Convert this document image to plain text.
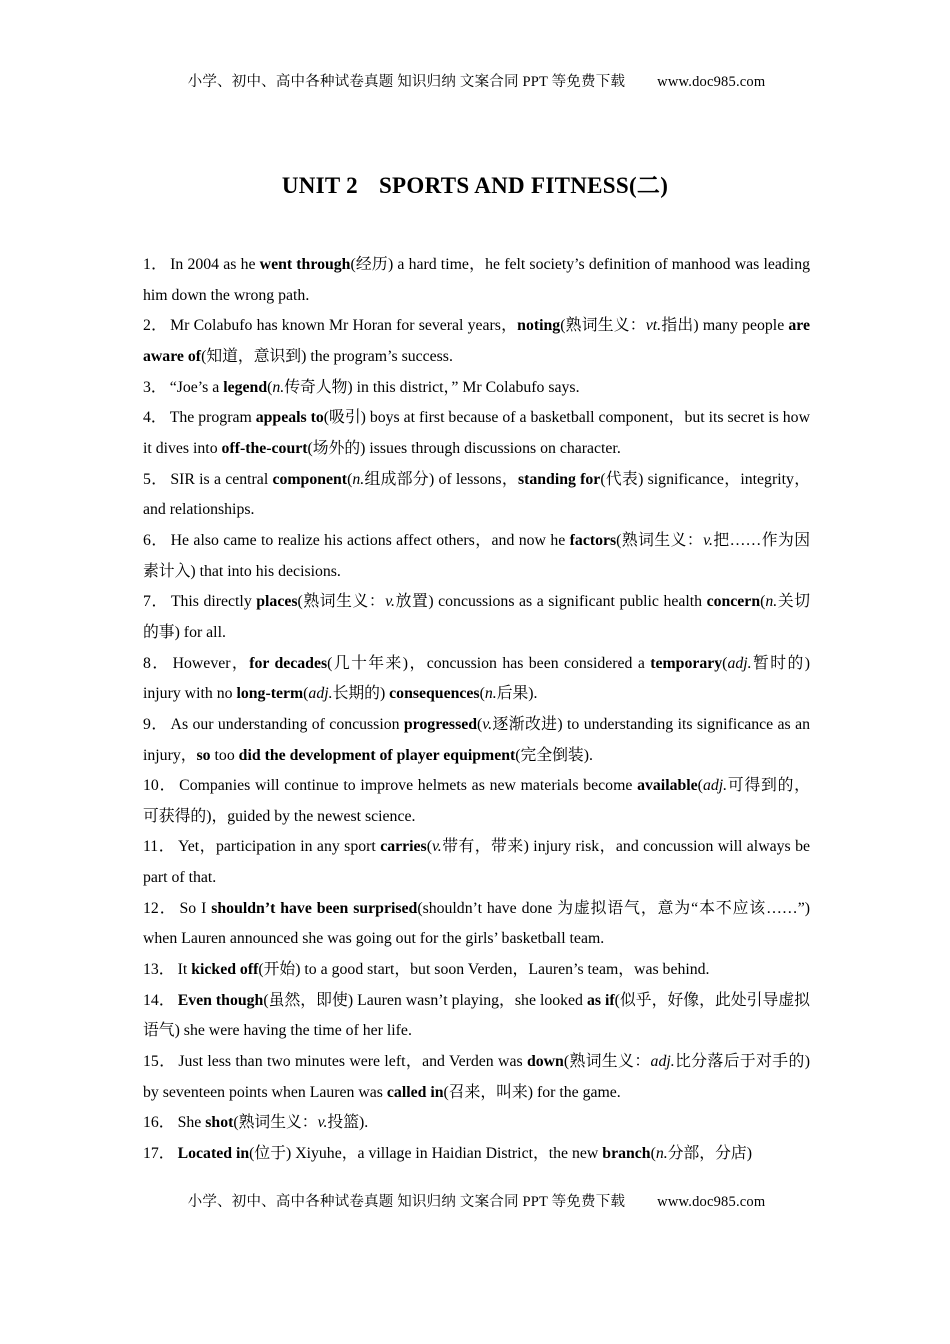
小学、初中、高中各种试卷真题 知识归纳 文案合同 PPT 等免费下载 www.doc985.com
UNIT 2 SPORTS AND FITNESS(二)

1． In 2004 as he went through(经历) a hard time，he felt society’s definition of manhood was leading him down the wrong path.

2． Mr Colabufo has known Mr Horan for several years，noting(熟词生义：vt.指出) many people are aware of(知道，意识到) the program’s success.

3． “Joe’s a legend(n.传奇人物) in this district，” Mr Colabufo says.

4． The program appeals to(吸引) boys at first because of a basketball component，but its secret is how it dives into off-the-court(场外的) issues through discussions on character.

5． SIR is a central component(n.组成部分) of lessons，standing for(代表) significance，integrity，and relationships.

6． He also came to realize his actions affect others，and now he factors(熟词生义：v.把……作为因素计入) that into his decisions.

7． This directly places(熟词生义：v.放置) concussions as a significant public health concern(n.关切的事) for all.

8． However，for decades(几十年来)，concussion has been considered a temporary(adj.暂时的) injury with no long-term(adj.长期的) consequences(n.后果).

9． As our understanding of concussion progressed(v.逐渐改进) to understanding its significance as an injury，so too did the development of player equipment(完全倒装).

10． Companies will continue to improve helmets as new materials become available(adj.可得到的，可获得的)，guided by the newest science.

11． Yet，participation in any sport carries(v.带有，带来) injury risk，and concussion will always be part of that.

12． So I shouldn’t have been surprised(shouldn’t have done 为虚拟语气，意为“本不应该……”) when Lauren announced she was going out for the girls’ basketball team.

13． It kicked off(开始) to a good start，but soon Verden，Lauren’s team，was behind.

14． Even though(虽然，即使) Lauren wasn’t playing，she looked as if(似乎，好像，此处引导虚拟语气) she were having the time of her life.

15． Just less than two minutes were left，and Verden was down(熟词生义：adj.比分落后于对手的) by seventeen points when Lauren was called in(召来，叫来) for the game.

16． She shot(熟词生义：v.投篮).

17． Located in(位于) Xiyuhe，a village in Haidian District，the new branch(n.分部，分店)

小学、初中、高中各种试卷真题 知识归纳 文案合同 PPT 等免费下载 www.doc985.com
